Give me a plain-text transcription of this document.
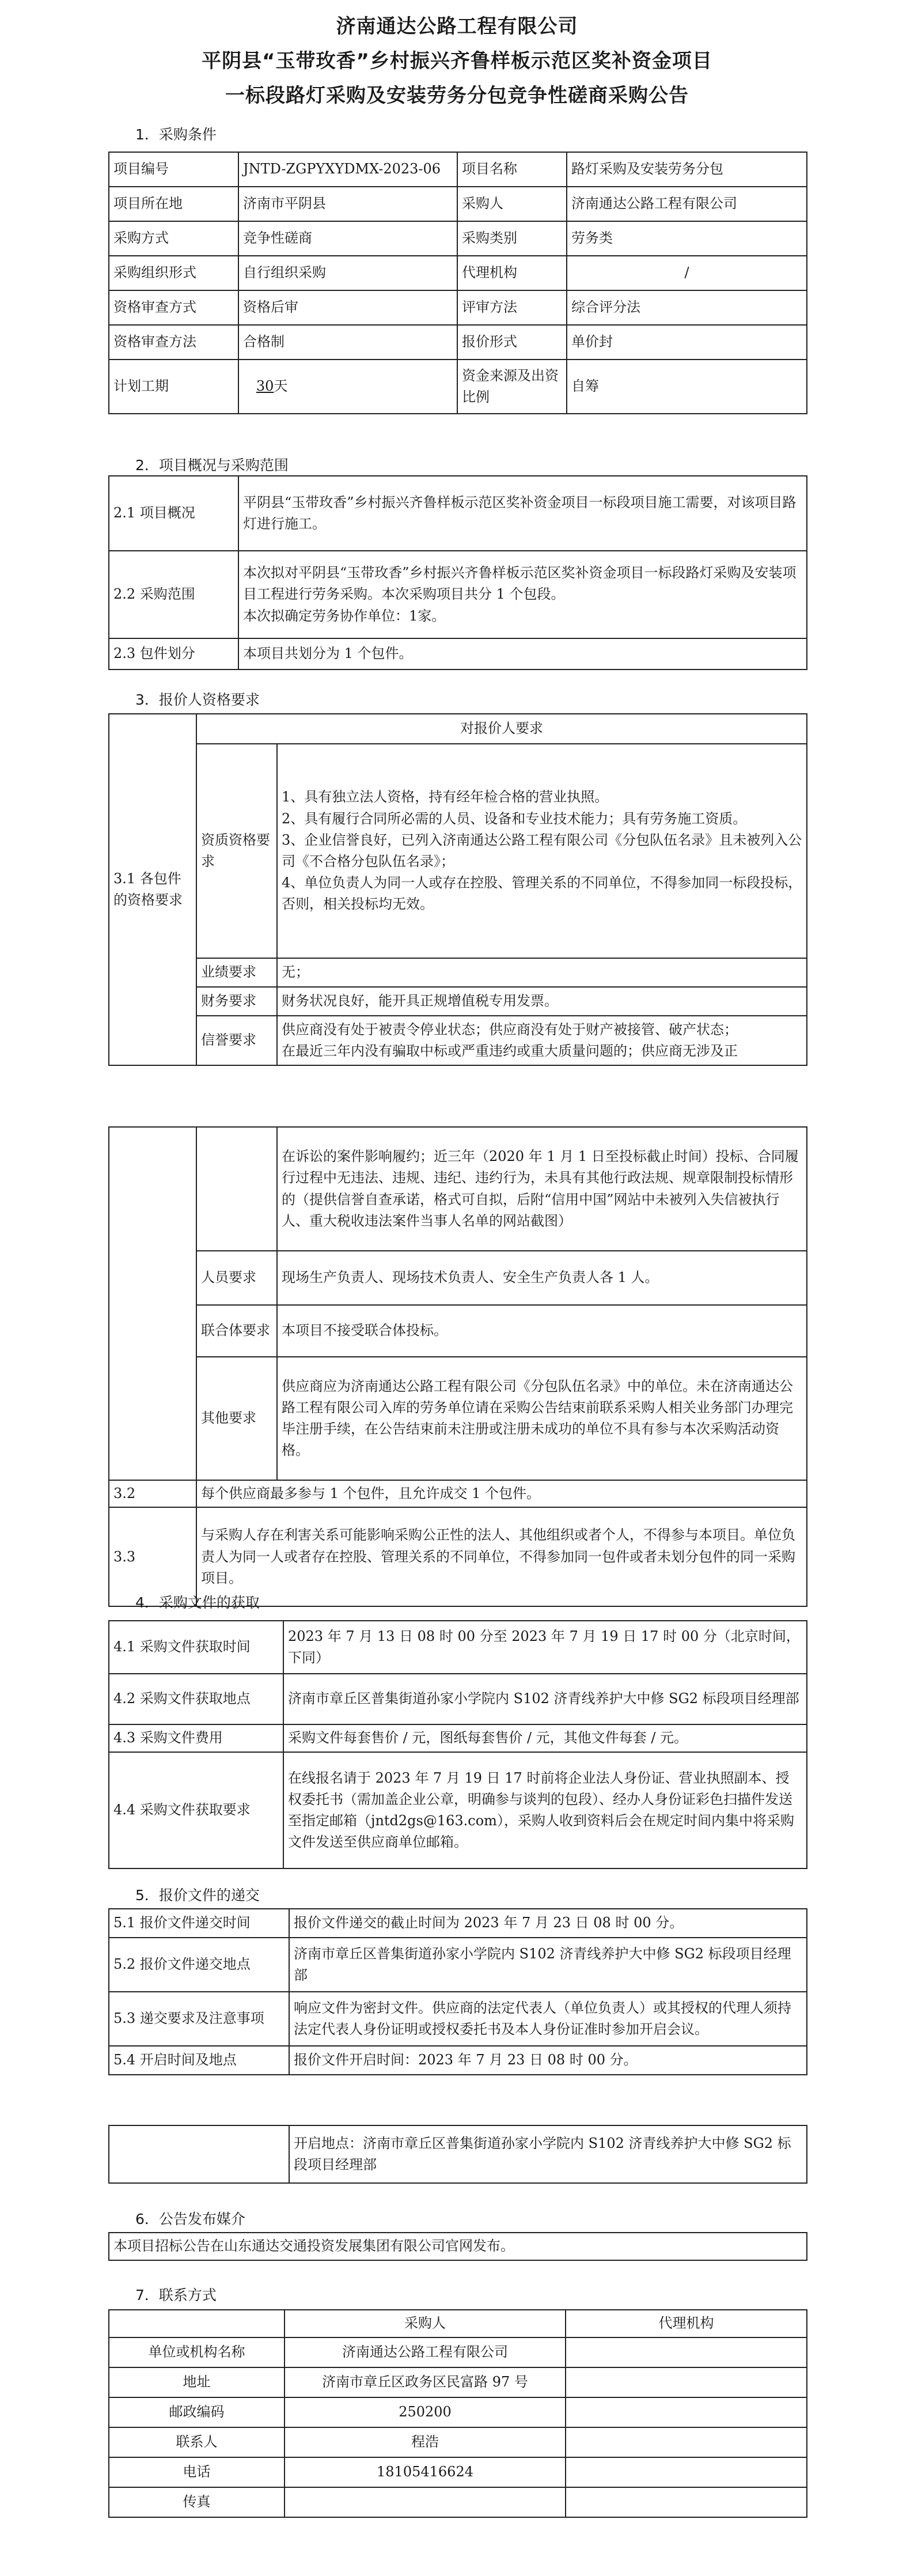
济南通达公路工程有限公司
平阴县“玉带玫香”乡村振兴齐鲁样板示范区奖补资金项目
一标段路灯采购及安装劳务分包竞争性磋商采购公告
1．采购条件
项目编号	JNTD-ZGPYXYDMX-2023-06	项目名称	路灯采购及安装劳务分包
项目所在地	济南市平阴县	采购人	济南通达公路工程有限公司
采购方式	竞争性磋商	采购类别	劳务类
采购组织形式	自行组织采购	代理机构	/
资格审查方式	资格后审	评审方法	综合评分法
资格审查方法	合格制	报价形式	单价封
计划工期	30天	资金来源及出资比例	自筹
2．项目概况与采购范围
2.1 项目概况	平阴县“玉带玫香”乡村振兴齐鲁样板示范区奖补资金项目一标段项目施工需要，对该项目路灯进行施工。
2.2 采购范围	本次拟对平阴县“玉带玫香”乡村振兴齐鲁样板示范区奖补资金项目一标段路灯采购及安装项目工程进行劳务采购。本次采购项目共分 1 个包段。

本次拟确定劳务协作单位：1家。

2.3 包件划分	本项目共划分为 1 个包件。
3．报价人资格要求
3.1 各包件的资格要求	对报价人要求	
	资质资格要求	1、具有独立法人资格，持有经年检合格的营业执照。

2、具有履行合同所必需的人员、设备和专业技术能力；具有劳务施工资质。

3、企业信誉良好，已列入济南通达公路工程有限公司《分包队伍名录》且未被列入公司《不合格分包队伍名录》；

4、单位负责人为同一人或存在控股、管理关系的不同单位，不得参加同一标段投标，否则，相关投标均无效。

	业绩要求	无；
	财务要求	财务状况良好，能开具正规增值税专用发票。
	信誉要求	供应商没有处于被责令停业状态；供应商没有处于财产被接管、破产状态；

在最近三年内没有骗取中标或严重违约或重大质量问题的；供应商无涉及正

		在诉讼的案件影响履约；近三年（2020 年 1 月 1 日至投标截止时间）投标、合同履行过程中无违法、违规、违纪、违约行为，未具有其他行政法规、规章限制投标情形的（提供信誉自查承诺，格式可自拟，后附“信用中国”网站中未被列入失信被执行人、重大税收违法案件当事人名单的网站截图）
	人员要求	现场生产负责人、现场技术负责人、安全生产负责人各 1 人。
	联合体要求	本项目不接受联合体投标。
	其他要求	供应商应为济南通达公路工程有限公司《分包队伍名录》中的单位。未在济南通达公路工程有限公司入库的劳务单位请在采购公告结束前联系采购人相关业务部门办理完毕注册手续，在公告结束前未注册或注册未成功的单位不具有参与本次采购活动资格。
3.2	每个供应商最多参与 1 个包件，且允许成交 1 个包件。	
3.3	与采购人存在利害关系可能影响采购公正性的法人、其他组织或者个人，不得参与本项目。单位负责人为同一人或者存在控股、管理关系的不同单位，不得参加同一包件或者未划分包件的同一采购项目。	
4．采购文件的获取
4.1 采购文件获取时间	2023 年 7 月 13 日 08 时 00 分至 2023 年 7 月 19 日 17 时 00 分（北京时间，下同）
4.2 采购文件获取地点	济南市章丘区普集街道孙家小学院内 S102 济青线养护大中修 SG2 标段项目经理部
4.3 采购文件费用	采购文件每套售价 / 元，图纸每套售价 / 元，其他文件每套 / 元。
4.4 采购文件获取要求	在线报名请于 2023 年 7 月 19 日 17 时前将企业法人身份证、营业执照副本、授权委托书（需加盖企业公章，明确参与谈判的包段）、经办人身份证彩色扫描件发送至指定邮箱（jntd2gs@163.com），采购人收到资料后会在规定时间内集中将采购文件发送至供应商单位邮箱。
5．报价文件的递交
5.1 报价文件递交时间	报价文件递交的截止时间为 2023 年 7 月 23 日 08 时 00 分。
5.2 报价文件递交地点	济南市章丘区普集街道孙家小学院内 S102 济青线养护大中修 SG2 标段项目经理部
5.3 递交要求及注意事项	响应文件为密封文件。供应商的法定代表人（单位负责人）或其授权的代理人须持法定代表人身份证明或授权委托书及本人身份证准时参加开启会议。
5.4 开启时间及地点	报价文件开启时间：2023 年 7 月 23 日 08 时 00 分。
	开启地点：济南市章丘区普集街道孙家小学院内 S102 济青线养护大中修 SG2 标段项目经理部
6．公告发布媒介
本项目招标公告在山东通达交通投资发展集团有限公司官网发布。
7．联系方式
	采购人	代理机构
单位或机构名称	济南通达公路工程有限公司	
地址	济南市章丘区政务区民富路 97 号	
邮政编码	250200	
联系人	程浩	
电话	18105416624	
传真		
